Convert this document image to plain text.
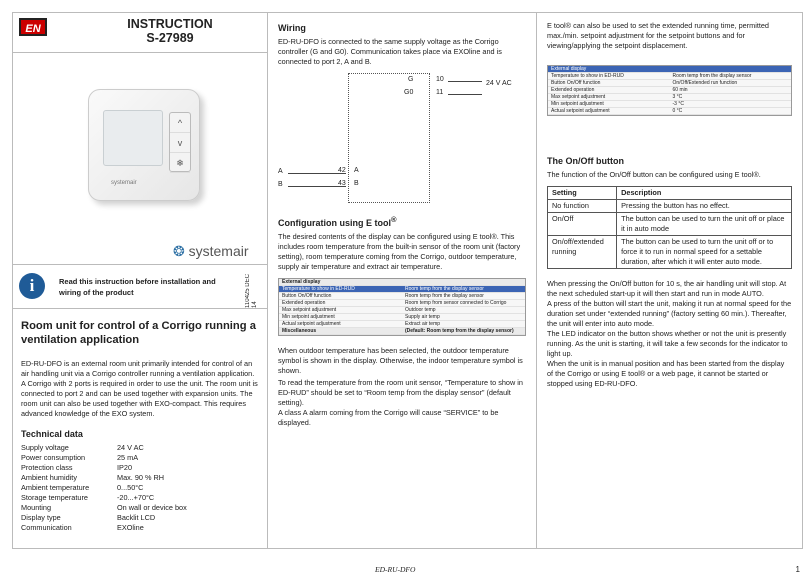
EN	INSTRUCTION
S-27989
^
v
❄
systemair
❂ systemair
i	Read this instruction before installation and wiring of the product	110425 DEC 14
Room unit for control of a Corrigo running a ventilation application

ED-RU-DFO is an external room unit primarily intended for control of an air handling unit via a Corrigo controller running a ventilation application. A Corrigo with 2 ports is required in order to use the unit. The room unit is connected to port 2 and can be used together with expansion units. The room unit can also be used together with EXO-compact. This requires advanced knowledge of the EXO system.

Technical data
Supply voltage	24 V AC
Power consumption	25 mA
Protection class	IP20
Ambient humidity	Max. 90 % RH
Ambient temperature	0...50°C
Storage temperature	-20...+70°C
Mounting	On wall or device box
Display type	Backlit LCD
Communication	EXOline
Wiring

ED-RU-DFO is connected to the same supply voltage as the Corrigo controller (G and G0). Communication takes place via EXOline and is connected to port 2, A and B.

G
G0
10
11
24 V AC
A
B
42
43
A
B
Configuration using E tool®

The desired contents of the display can be configured using E tool®. This includes room temperature from the built-in sensor of the room unit (factory setting), room temperature coming from the Corrigo, outdoor temperature, supply air temperature and extract air temperature.

External display
Temperature to show in ED-RUD	Room temp from the display sensor
Button On/Off function	Room temp from the display sensor
Extended operation	Room temp from sensor connected to Corrigo
Max setpoint adjustment	Outdoor temp
Min setpoint adjustment	Supply air temp
Actual setpoint adjustment	Extract air temp
Miscellaneous	(Default: Room temp from the display sensor)

When outdoor temperature has been selected, the outdoor temperature symbol is shown in the display. Otherwise, the indoor temperature symbol is shown.

To read the temperature from the room unit sensor, “Temperature to show in ED-RUD” should be set to “Room temp from the display sensor” (default setting).

A class A alarm coming from the Corrigo will cause “SERVICE” to be displayed.

E tool® can also be used to set the extended running time, permitted max./min. setpoint adjustment for the setpoint buttons and for viewing/applying the setpoint displacement.

External display
Temperature to show in ED-RUD	Room temp from the display sensor
Button On/Off function	On/Off/Extended run function
Extended operation	60 min
Max setpoint adjustment	3 °C
Min setpoint adjustment	-3 °C
Actual setpoint adjustment	0 °C
The On/Off button

The function of the On/Off button can be configured using E tool®.

Setting	Description
No function	Pressing the button has no effect.
On/Off	The button can be used to turn the unit off or place it in auto mode
On/off/extended running	The button can be used to turn the unit off or to force it to run in normal speed for a settable duration, after which it will enter auto mode.

When pressing the On/Off button for 10 s, the air handling unit will stop. At the next scheduled start-up it will then start and run in mode AUTO.

A press of the button will start the unit, making it run at normal speed for the duration set under “extended running” (factory setting 60 min.). Thereafter, the unit will enter into auto mode.

The LED indicator on the button shows whether or not the unit is presently running. As the unit is starting, it will take a few seconds for the indicator to light up.

When the unit is in manual position and has been started from the display of the Corrigo or using E tool® or a web page, it cannot be started or stopped using ED-RU-DFO.

ED-RU-DFO	1
